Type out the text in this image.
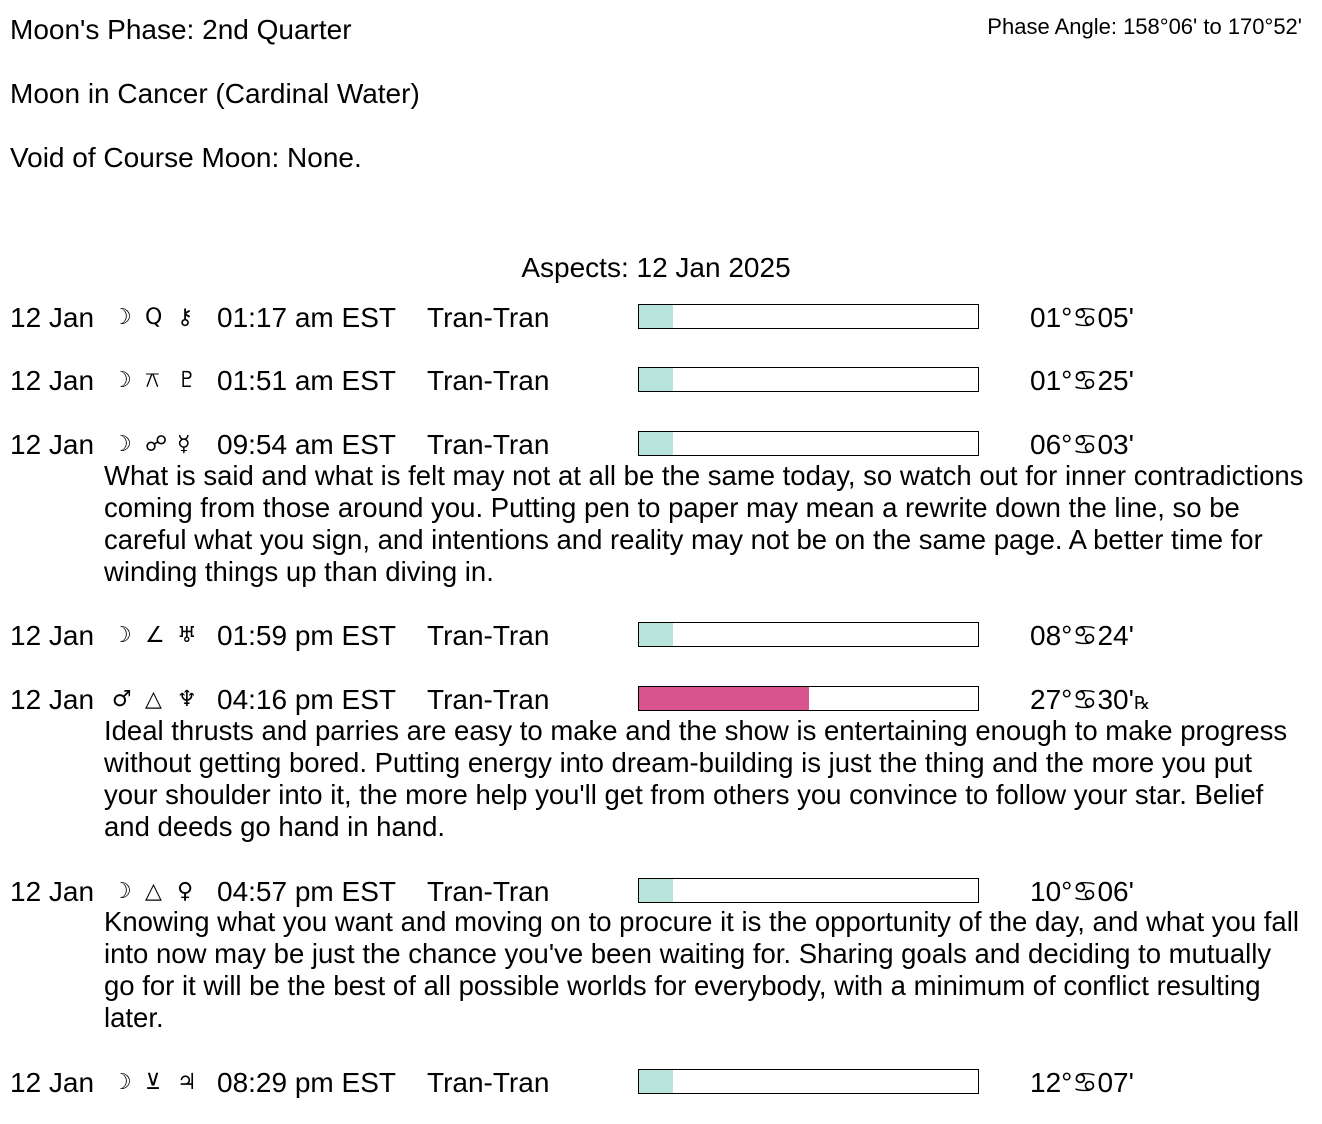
Moon's Phase: 2nd Quarter	Phase Angle: 158°06' to 170°52'
Moon in Cancer (Cardinal Water)
Void of Course Moon: None.
Aspects: 12 Jan 2025
12 Jan ☽ Q ⚷ 01:17 am EST Tran-Tran	01°♋05'
12 Jan ☽ ⚻ ♇ 01:51 am EST Tran-Tran	01°♋25'
12 Jan ☽ ☍ ☿ 09:54 am EST Tran-Tran	06°♋03'
What is said and what is felt may not at all be the same today, so watch out for inner contradictions coming from those around you. Putting pen to paper may mean a rewrite down the line, so be careful what you sign, and intentions and reality may not be on the same page. A better time for winding things up than diving in.
12 Jan ☽ ∠ ♅ 01:59 pm EST Tran-Tran	08°♋24'
12 Jan ♂ △ ♆ 04:16 pm EST Tran-Tran	27°♋30'℞
Ideal thrusts and parries are easy to make and the show is entertaining enough to make progress without getting bored. Putting energy into dream-building is just the thing and the more you put your shoulder into it, the more help you'll get from others you convince to follow your star. Belief and deeds go hand in hand.
12 Jan ☽ △ ♀ 04:57 pm EST Tran-Tran	10°♋06'
Knowing what you want and moving on to procure it is the opportunity of the day, and what you fall into now may be just the chance you've been waiting for. Sharing goals and deciding to mutually go for it will be the best of all possible worlds for everybody, with a minimum of conflict resulting later.
12 Jan ☽ ⊻ ♃ 08:29 pm EST Tran-Tran	12°♋07'
